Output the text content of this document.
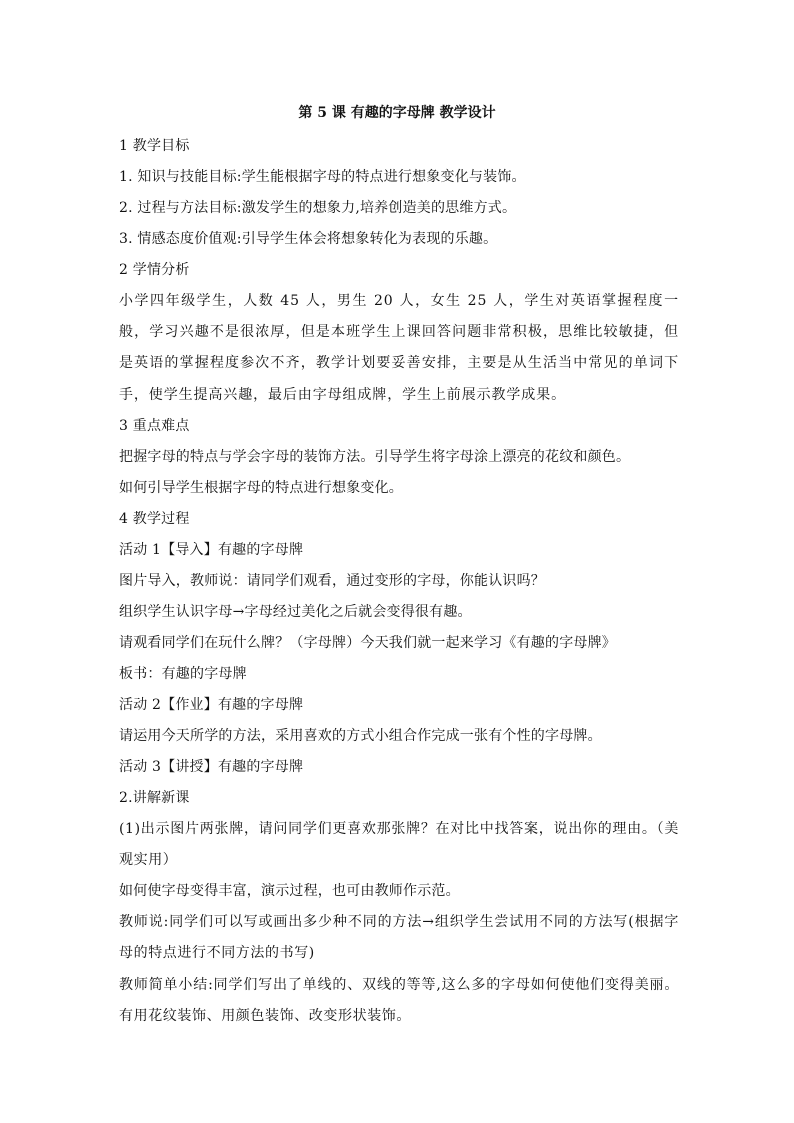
第 5 课 有趣的字母牌 教学设计
1 教学目标
1. 知识与技能目标:学生能根据字母的特点进行想象变化与装饰。
2. 过程与方法目标:激发学生的想象力,培养创造美的思维方式。
3. 情感态度价值观:引导学生体会将想象转化为表现的乐趣。
2 学情分析
小学四年级学生，人数 45 人，男生 20 人，女生 25 人，学生对英语掌握程度一般，学习兴趣不是很浓厚，但是本班学生上课回答问题非常积极，思维比较敏捷，但是英语的掌握程度参次不齐，教学计划要妥善安排，主要是从生活当中常见的单词下手，使学生提高兴趣，最后由字母组成牌，学生上前展示教学成果。
3 重点难点
把握字母的特点与学会字母的装饰方法。引导学生将字母涂上漂亮的花纹和颜色。
如何引导学生根据字母的特点进行想象变化。
4 教学过程
活动 1【导入】有趣的字母牌
图片导入，教师说：请同学们观看，通过变形的字母，你能认识吗？
组织学生认识字母→字母经过美化之后就会变得很有趣。
请观看同学们在玩什么牌？（字母牌）今天我们就一起来学习《有趣的字母牌》
板书：有趣的字母牌
活动 2【作业】有趣的字母牌
请运用今天所学的方法，采用喜欢的方式小组合作完成一张有个性的字母牌。
活动 3【讲授】有趣的字母牌
2.讲解新课
(1)出示图片两张牌，请问同学们更喜欢那张牌？在对比中找答案，说出你的理由。（美观实用）
如何使字母变得丰富，演示过程，也可由教师作示范。
教师说:同学们可以写或画出多少种不同的方法→组织学生尝试用不同的方法写(根据字母的特点进行不同方法的书写)
教师简单小结:同学们写出了单线的、双线的等等,这么多的字母如何使他们变得美丽。有用花纹装饰、用颜色装饰、改变形状装饰。
